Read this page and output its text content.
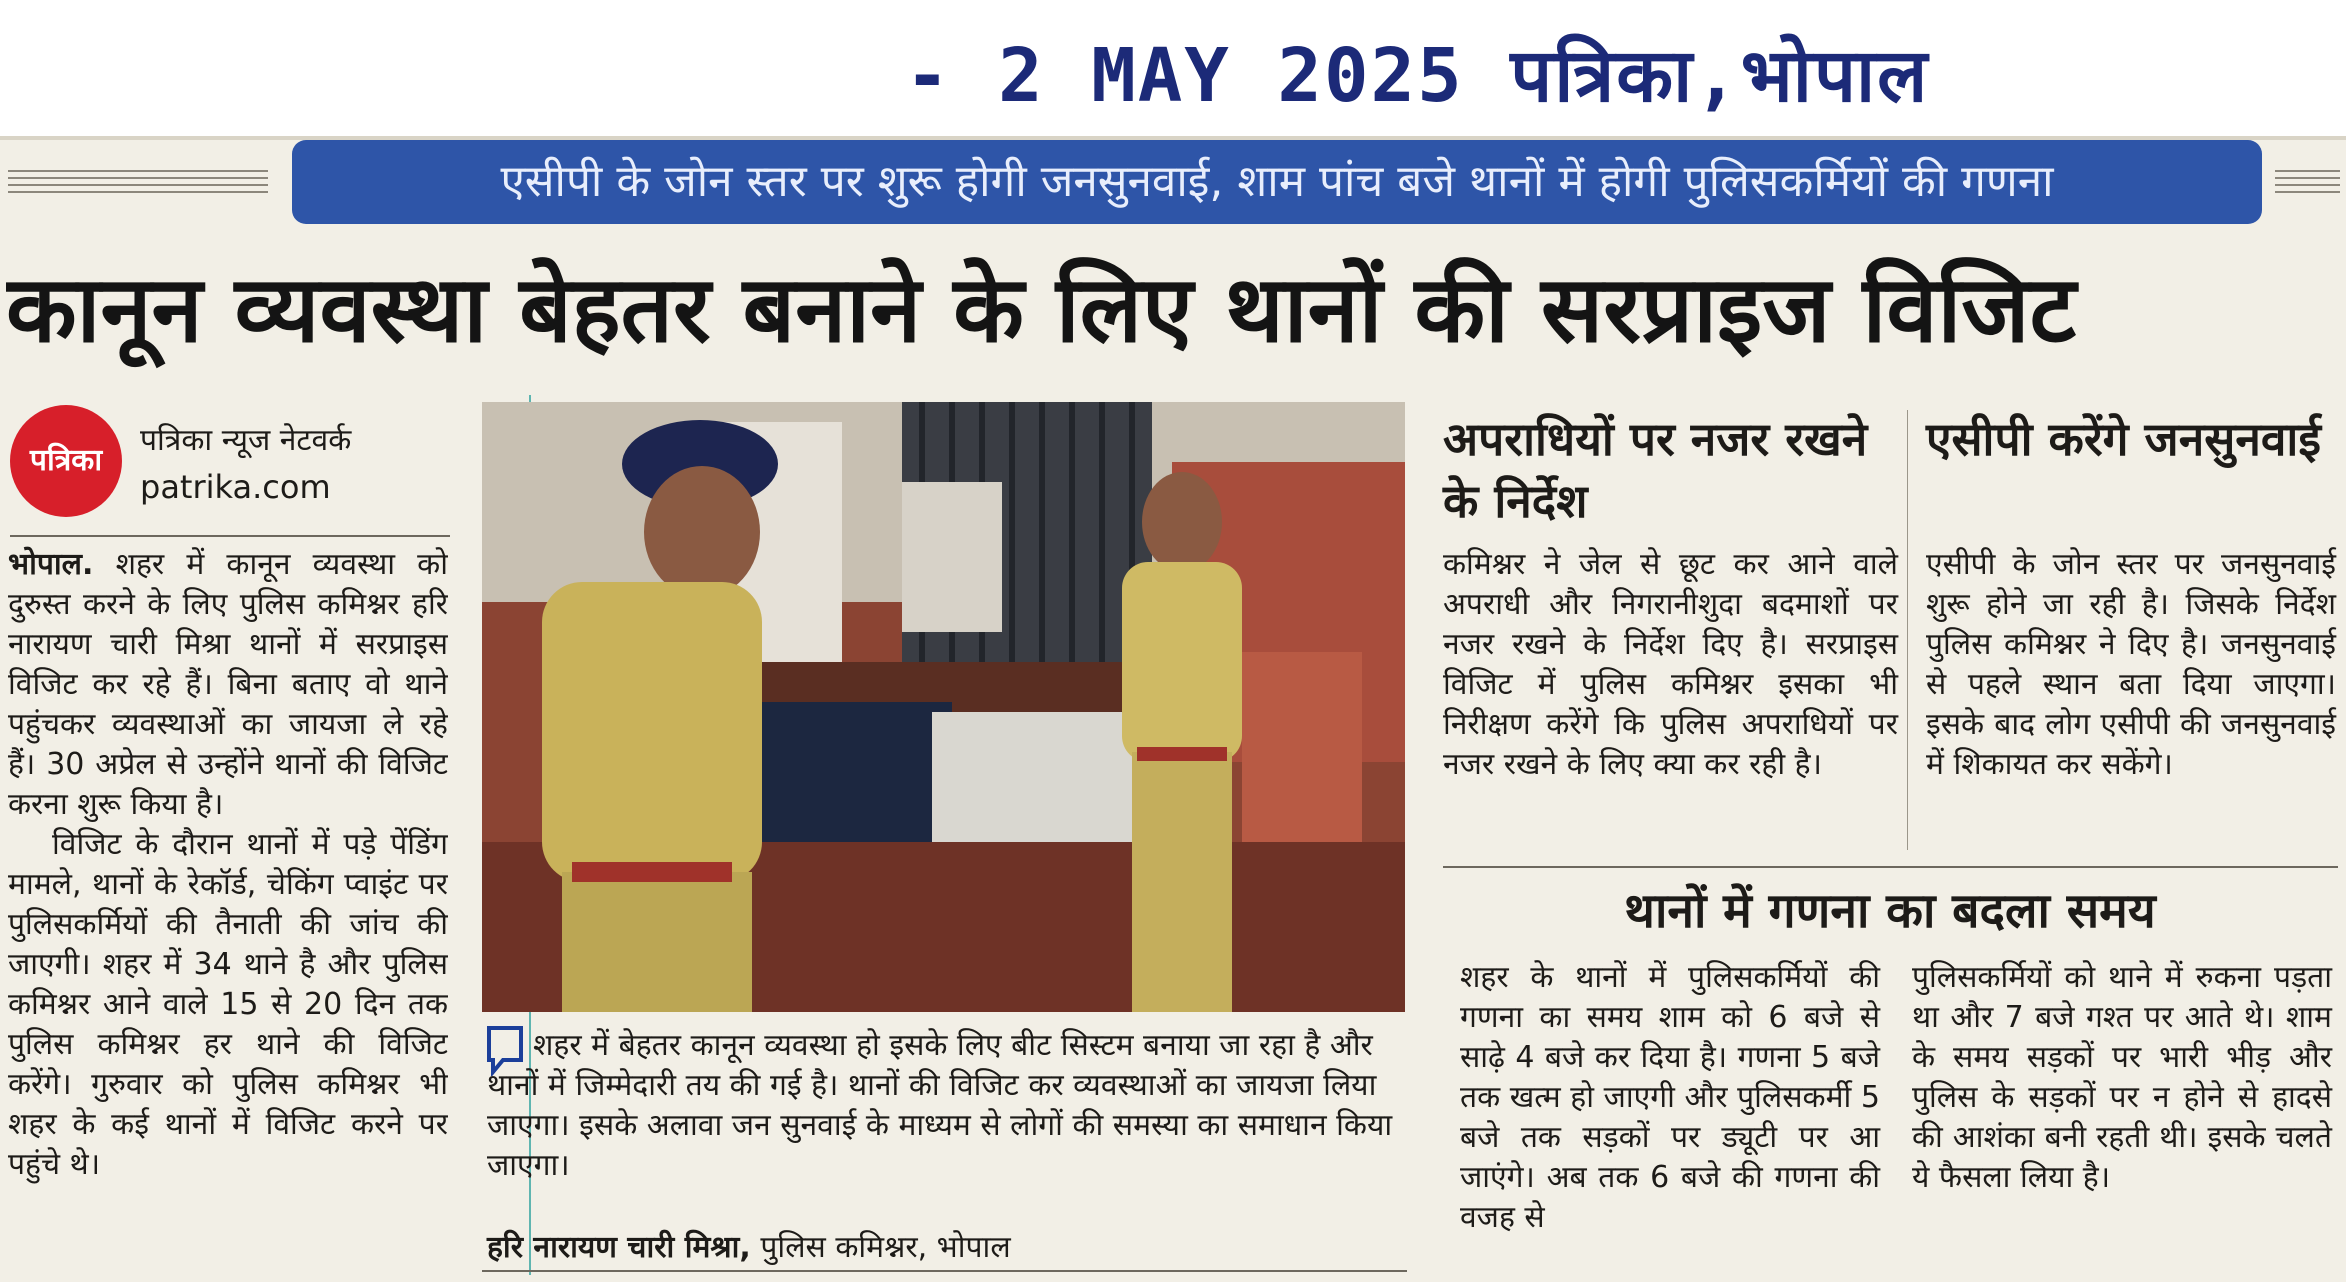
- 2 MAY 2025 पत्रिका,भोपाल
एसीपी के जोन स्तर पर शुरू होगी जनसुनवाई, शाम पांच बजे थानों में होगी पुलिसकर्मियों की गणना
कानून व्यवस्था बेहतर बनाने के लिए थानों की सरप्राइज विजिट
पत्रिका
पत्रिका न्यूज नेटवर्क
patrika.com

भोपाल. शहर में कानून व्यवस्था को दुरुस्त करने के लिए पुलिस कमिश्नर हरि नारायण चारी मिश्रा थानों में सरप्राइस विजिट कर रहे हैं। बिना बताए वो थाने पहुंचकर व्यवस्थाओं का जायजा ले रहे हैं। 30 अप्रेल से उन्होंने थानों की विजिट करना शुरू किया है।

विजिट के दौरान थानों में पड़े पेंडिंग मामले, थानों के रेकॉर्ड, चेकिंग प्वाइंट पर पुलिसकर्मियों की तैनाती की जांच की जाएगी। शहर में 34 थाने है और पुलिस कमिश्नर आने वाले 15 से 20 दिन तक पुलिस कमिश्नर हर थाने की विजिट करेंगे। गुरुवार को पुलिस कमिश्नर भी शहर के कई थानों में विजिट करने पर पहुंचे थे।

शहर में बेहतर कानून व्यवस्था हो इसके लिए बीट सिस्टम बनाया जा रहा है और थानों में जिम्मेदारी तय की गई है। थानों की विजिट कर व्यवस्थाओं का जायजा लिया जाएगा। इसके अलावा जन सुनवाई के माध्यम से लोगों की समस्या का समाधान किया जाएगा।
हरि नारायण चारी मिश्रा, पुलिस कमिश्नर, भोपाल
अपराधियों पर नजर रखने के निर्देश
एसीपी करेंगे जनसुनवाई
कमिश्नर ने जेल से छूट कर आने वाले अपराधी और निगरानीशुदा बदमाशों पर नजर रखने के निर्देश दिए है। सरप्राइस विजिट में पुलिस कमिश्नर इसका भी निरीक्षण करेंगे कि पुलिस अपराधियों पर नजर रखने के लिए क्या कर रही है।
एसीपी के जोन स्तर पर जनसुनवाई शुरू होने जा रही है। जिसके निर्देश पुलिस कमिश्नर ने दिए है। जनसुनवाई से पहले स्थान बता दिया जाएगा। इसके बाद लोग एसीपी की जनसुनवाई में शिकायत कर सकेंगे।
थानों में गणना का बदला समय
शहर के थानों में पुलिसकर्मियों की गणना का समय शाम को 6 बजे से साढ़े 4 बजे कर दिया है। गणना 5 बजे तक खत्म हो जाएगी और पुलिसकर्मी 5 बजे तक सड़कों पर ड्यूटी पर आ जाएंगे। अब तक 6 बजे की गणना की वजह से
पुलिसकर्मियों को थाने में रुकना पड़ता था और 7 बजे गश्त पर आते थे। शाम के समय सड़कों पर भारी भीड़ और पुलिस के सड़कों पर न होने से हादसे की आशंका बनी रहती थी। इसके चलते ये फैसला लिया है।
